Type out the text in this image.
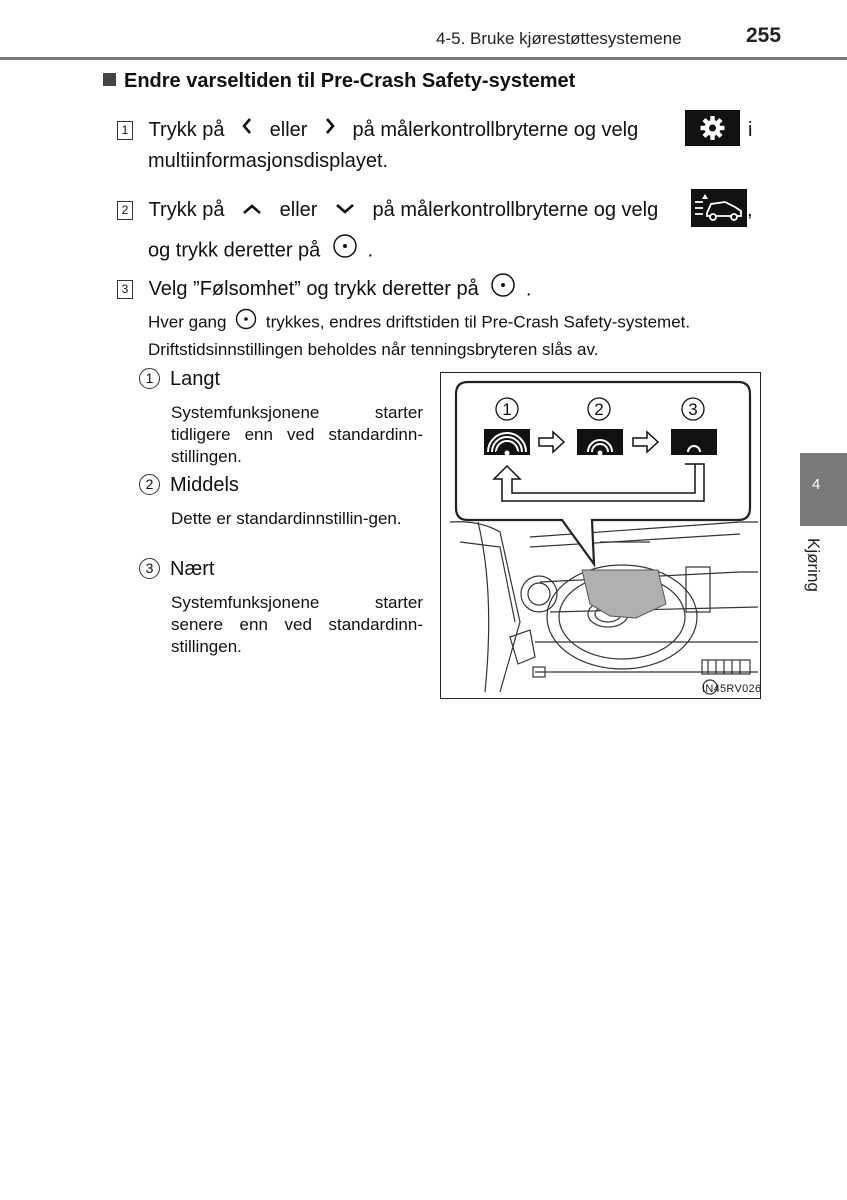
4-5. Bruke kjørestøttesystemene	255
Endre varseltiden til Pre-Crash Safety-systemet
1 Trykk på eller på målerkontrollbryterne og velg	i
multiinformasjonsdisplayet.
2 Trykk på	eller	på målerkontrollbryterne og velg	,
og trykk deretter på .
3 Velg ”Følsomhet” og trykk deretter på .
Hver gang trykkes, endres driftstiden til Pre-Crash Safety-systemet.
Driftstidsinnstillingen beholdes når tenningsbryteren slås av.
1 Langt
Systemfunksjonene starter tidligere enn ved standardinn-stillingen.
2 Middels
Dette er standardinnstillin-gen.
3 Nært
Systemfunksjonene starter senere enn ved standardinn-stillingen.
1	2	3
IN45RV026
4
Kjøring
